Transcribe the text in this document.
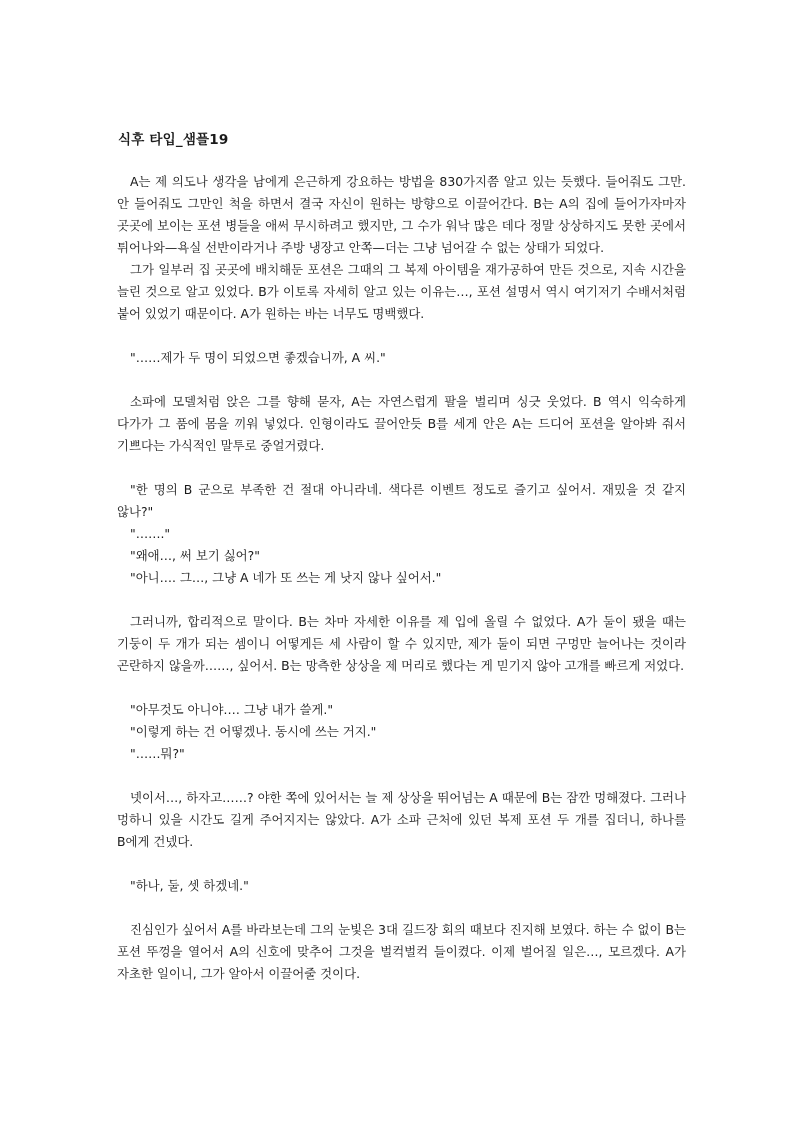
식후 타입_샘플19
A는 제 의도나 생각을 남에게 은근하게 강요하는 방법을 830가지쯤 알고 있는 듯했다. 들어줘도 그만. 안 들어줘도 그만인 척을 하면서 결국 자신이 원하는 방향으로 이끌어간다. B는 A의 집에 들어가자마자 곳곳에 보이는 포션 병들을 애써 무시하려고 했지만, 그 수가 워낙 많은 데다 정말 상상하지도 못한 곳에서 튀어나와—욕실 선반이라거나 주방 냉장고 안쪽—더는 그냥 넘어갈 수 없는 상태가 되었다.
그가 일부러 집 곳곳에 배치해둔 포션은 그때의 그 복제 아이템을 재가공하여 만든 것으로, 지속 시간을 늘린 것으로 알고 있었다. B가 이토록 자세히 알고 있는 이유는…, 포션 설명서 역시 여기저기 수배서처럼 붙어 있었기 때문이다. A가 원하는 바는 너무도 명백했다.
"……제가 두 명이 되었으면 좋겠습니까, A 씨."
소파에 모델처럼 앉은 그를 향해 묻자, A는 자연스럽게 팔을 벌리며 싱긋 웃었다. B 역시 익숙하게 다가가 그 품에 몸을 끼워 넣었다. 인형이라도 끌어안듯 B를 세게 안은 A는 드디어 포션을 알아봐 줘서 기쁘다는 가식적인 말투로 중얼거렸다.
"한 명의 B 군으로 부족한 건 절대 아니라네. 색다른 이벤트 정도로 즐기고 싶어서. 재밌을 것 같지 않나?"
"……."
"왜애…, 써 보기 싫어?"
"아니…. 그…, 그냥 A 네가 또 쓰는 게 낫지 않나 싶어서."
그러니까, 합리적으로 말이다. B는 차마 자세한 이유를 제 입에 올릴 수 없었다. A가 둘이 됐을 때는 기둥이 두 개가 되는 셈이니 어떻게든 세 사람이 할 수 있지만, 제가 둘이 되면 구멍만 늘어나는 것이라 곤란하지 않을까……, 싶어서. B는 망측한 상상을 제 머리로 했다는 게 믿기지 않아 고개를 빠르게 저었다.
"아무것도 아니야…. 그냥 내가 쓸게."
"이렇게 하는 건 어떻겠나. 동시에 쓰는 거지."
"……뭐?"
넷이서…, 하자고……? 야한 쪽에 있어서는 늘 제 상상을 뛰어넘는 A 때문에 B는 잠깐 멍해졌다. 그러나 멍하니 있을 시간도 길게 주어지지는 않았다. A가 소파 근처에 있던 복제 포션 두 개를 집더니, 하나를 B에게 건넸다.
"하나, 둘, 셋 하겠네."
진심인가 싶어서 A를 바라보는데 그의 눈빛은 3대 길드장 회의 때보다 진지해 보였다. 하는 수 없이 B는 포션 뚜껑을 열어서 A의 신호에 맞추어 그것을 벌컥벌컥 들이켰다. 이제 벌어질 일은…, 모르겠다. A가 자초한 일이니, 그가 알아서 이끌어줄 것이다.
